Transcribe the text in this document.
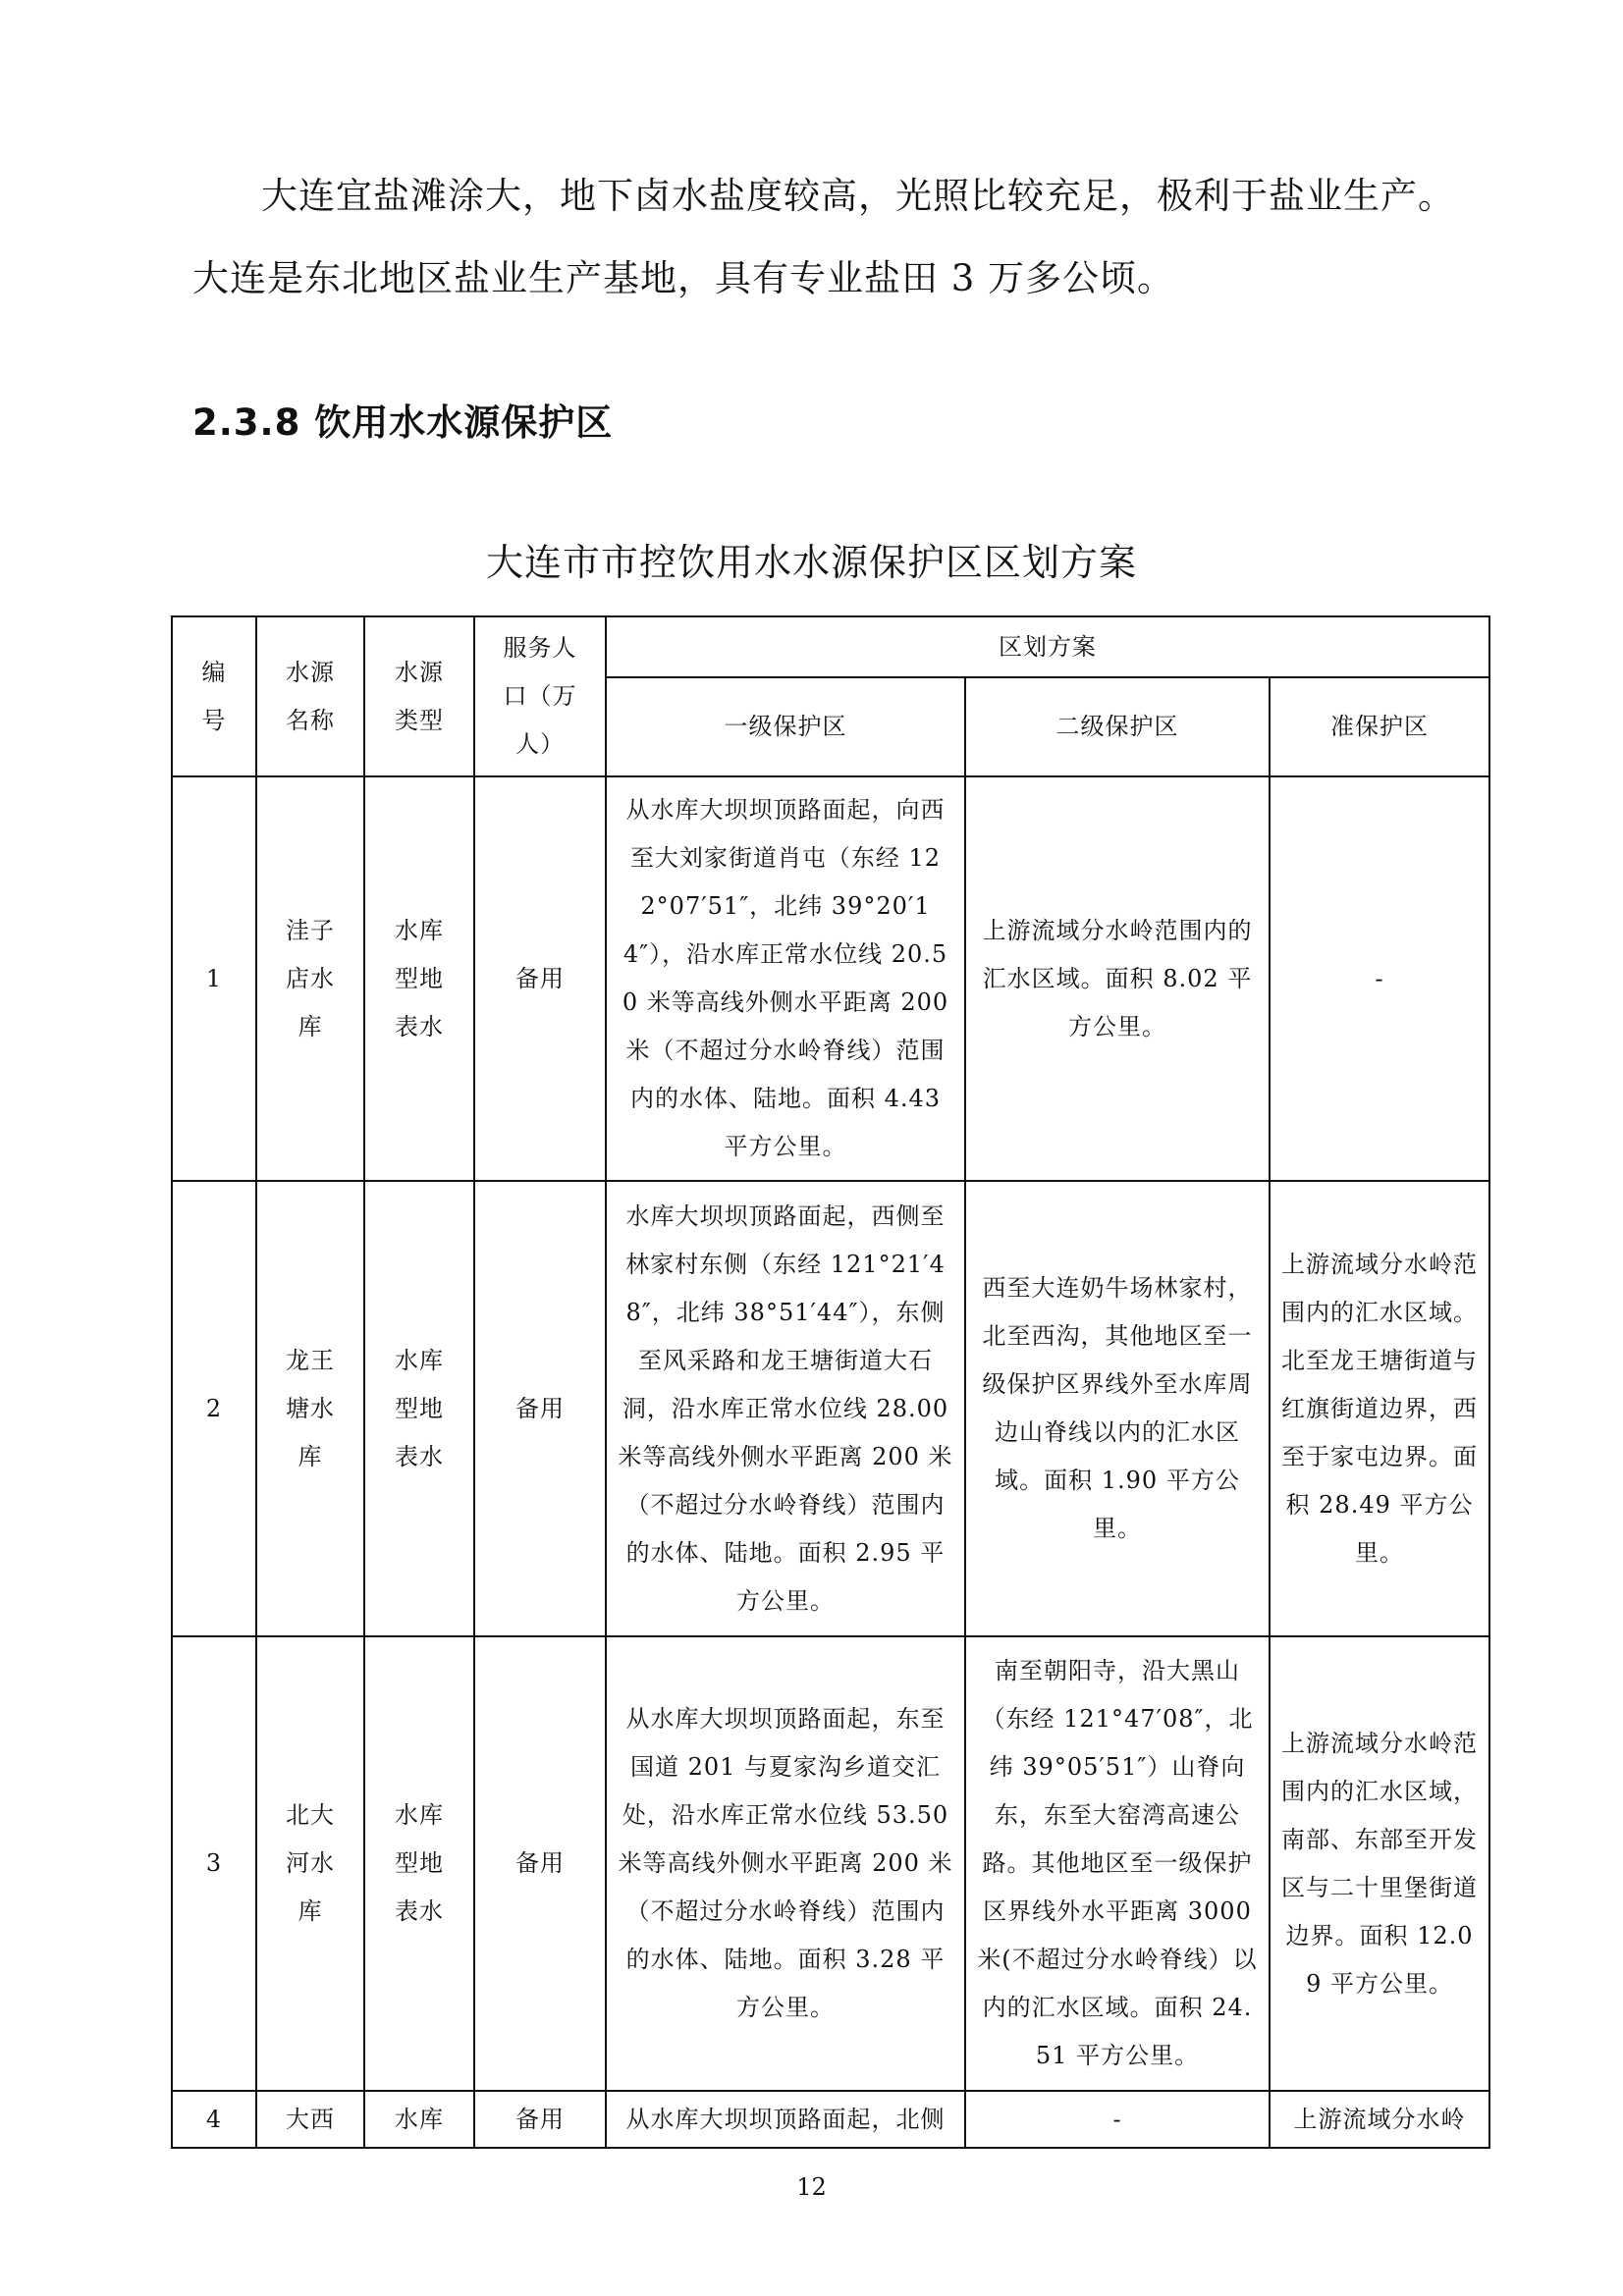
大连宜盐滩涂大，地下卤水盐度较高，光照比较充足，极利于盐业生产。
大连是东北地区盐业生产基地，具有专业盐田 3 万多公顷。
2.3.8 饮用水水源保护区
大连市市控饮用水水源保护区区划方案
编号	水源名称	水源类型	服务人口（万人）	区划方案		
				一级保护区	二级保护区	准保护区
1	洼子店水库	水库型地表水	备用	从水库大坝坝顶路面起，向西至大刘家街道肖屯（东经 122°07′51″，北纬 39°20′14″），沿水库正常水位线 20.50 米等高线外侧水平距离 200 米（不超过分水岭脊线）范围内的水体、陆地。面积 4.43 平方公里。	上游流域分水岭范围内的汇水区域。面积 8.02 平方公里。	-
2	龙王塘水库	水库型地表水	备用	水库大坝坝顶路面起，西侧至林家村东侧（东经 121°21′48″，北纬 38°51′44″），东侧至风采路和龙王塘街道大石洞，沿水库正常水位线 28.00 米等高线外侧水平距离 200 米（不超过分水岭脊线）范围内的水体、陆地。面积 2.95 平方公里。	西至大连奶牛场林家村，北至西沟，其他地区至一级保护区界线外至水库周边山脊线以内的汇水区域。面积 1.90 平方公里。	上游流域分水岭范围内的汇水区域。北至龙王塘街道与红旗街道边界，西至于家屯边界。面积 28.49 平方公里。
3	北大河水库	水库型地表水	备用	从水库大坝坝顶路面起，东至国道 201 与夏家沟乡道交汇处，沿水库正常水位线 53.50 米等高线外侧水平距离 200 米（不超过分水岭脊线）范围内的水体、陆地。面积 3.28 平方公里。	南至朝阳寺，沿大黑山（东经 121°47′08″，北纬 39°05′51″）山脊向东，东至大窑湾高速公路。其他地区至一级保护区界线外水平距离 3000 米(不超过分水岭脊线）以内的汇水区域。面积 24.51 平方公里。	上游流域分水岭范围内的汇水区域，南部、东部至开发区与二十里堡街道边界。面积 12.09 平方公里。
4	大西	水库	备用	从水库大坝坝顶路面起，北侧	-	上游流域分水岭
12
